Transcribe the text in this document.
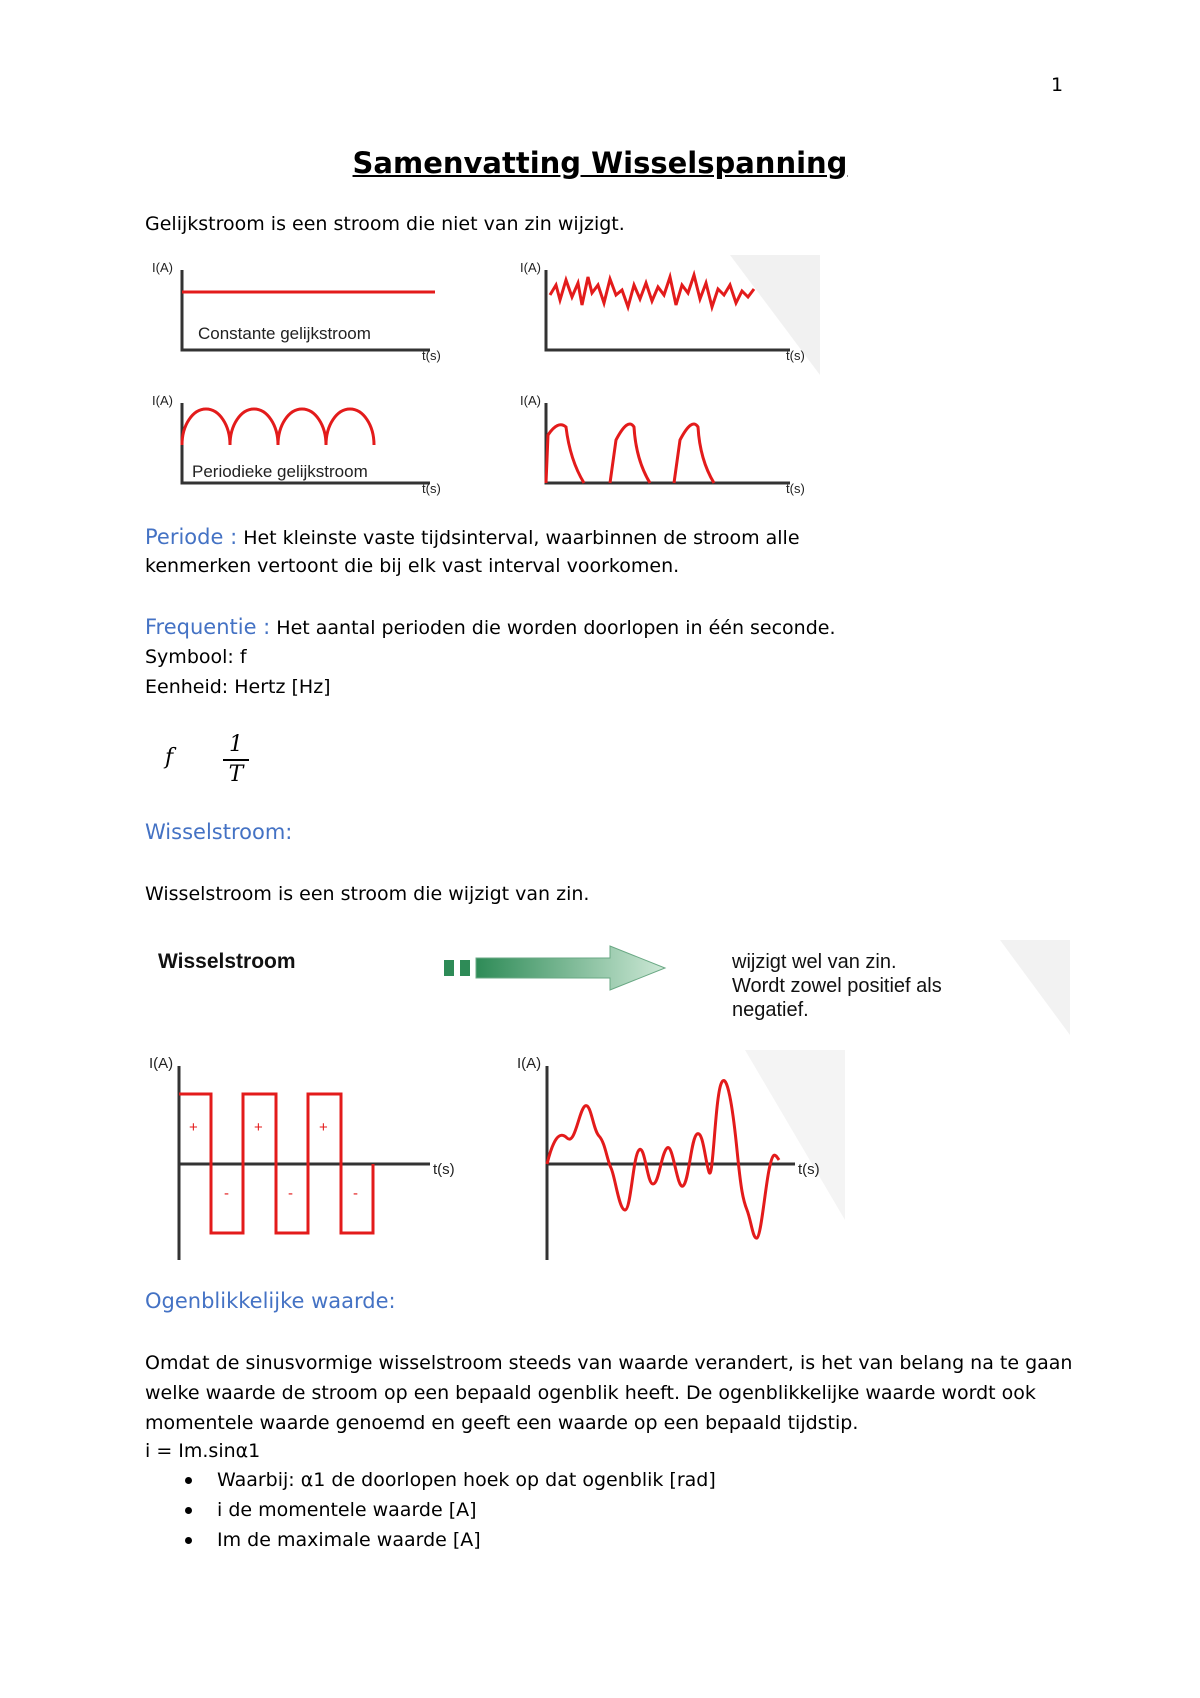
1
Samenvatting Wisselspanning
Gelijkstroom is een stroom die niet van zin wijzigt.
I(A)
Constante gelijkstroom
t(s)
I(A)
t(s)
I(A)
Periodieke gelijkstroom
t(s)
I(A)
t(s)
Periode : Het kleinste vaste tijdsinterval, waarbinnen de stroom alle
kenmerken vertoont die bij elk vast interval voorkomen.
Frequentie : Het aantal perioden die worden doorlopen in één seconde.
Symbool: f
Eenheid: Hertz [Hz]
f
1
T
Wisselstroom:
Wisselstroom is een stroom die wijzigt van zin.
Wisselstroom	wijzigt wel van zin.
Wordt zowel positief als
negatief.
I(A)
t(s)
+	+	+
-	-	-
I(A)
t(s)
Ogenblikkelijke waarde:
Omdat de sinusvormige wisselstroom steeds van waarde verandert, is het van belang na te gaan
welke waarde de stroom op een bepaald ogenblik heeft. De ogenblikkelijke waarde wordt ook
momentele waarde genoemd en geeft een waarde op een bepaald tijdstip.
i = Im.sinα1
Waarbij: α1 de doorlopen hoek op dat ogenblik [rad]
i de momentele waarde [A]
Im de maximale waarde [A]
